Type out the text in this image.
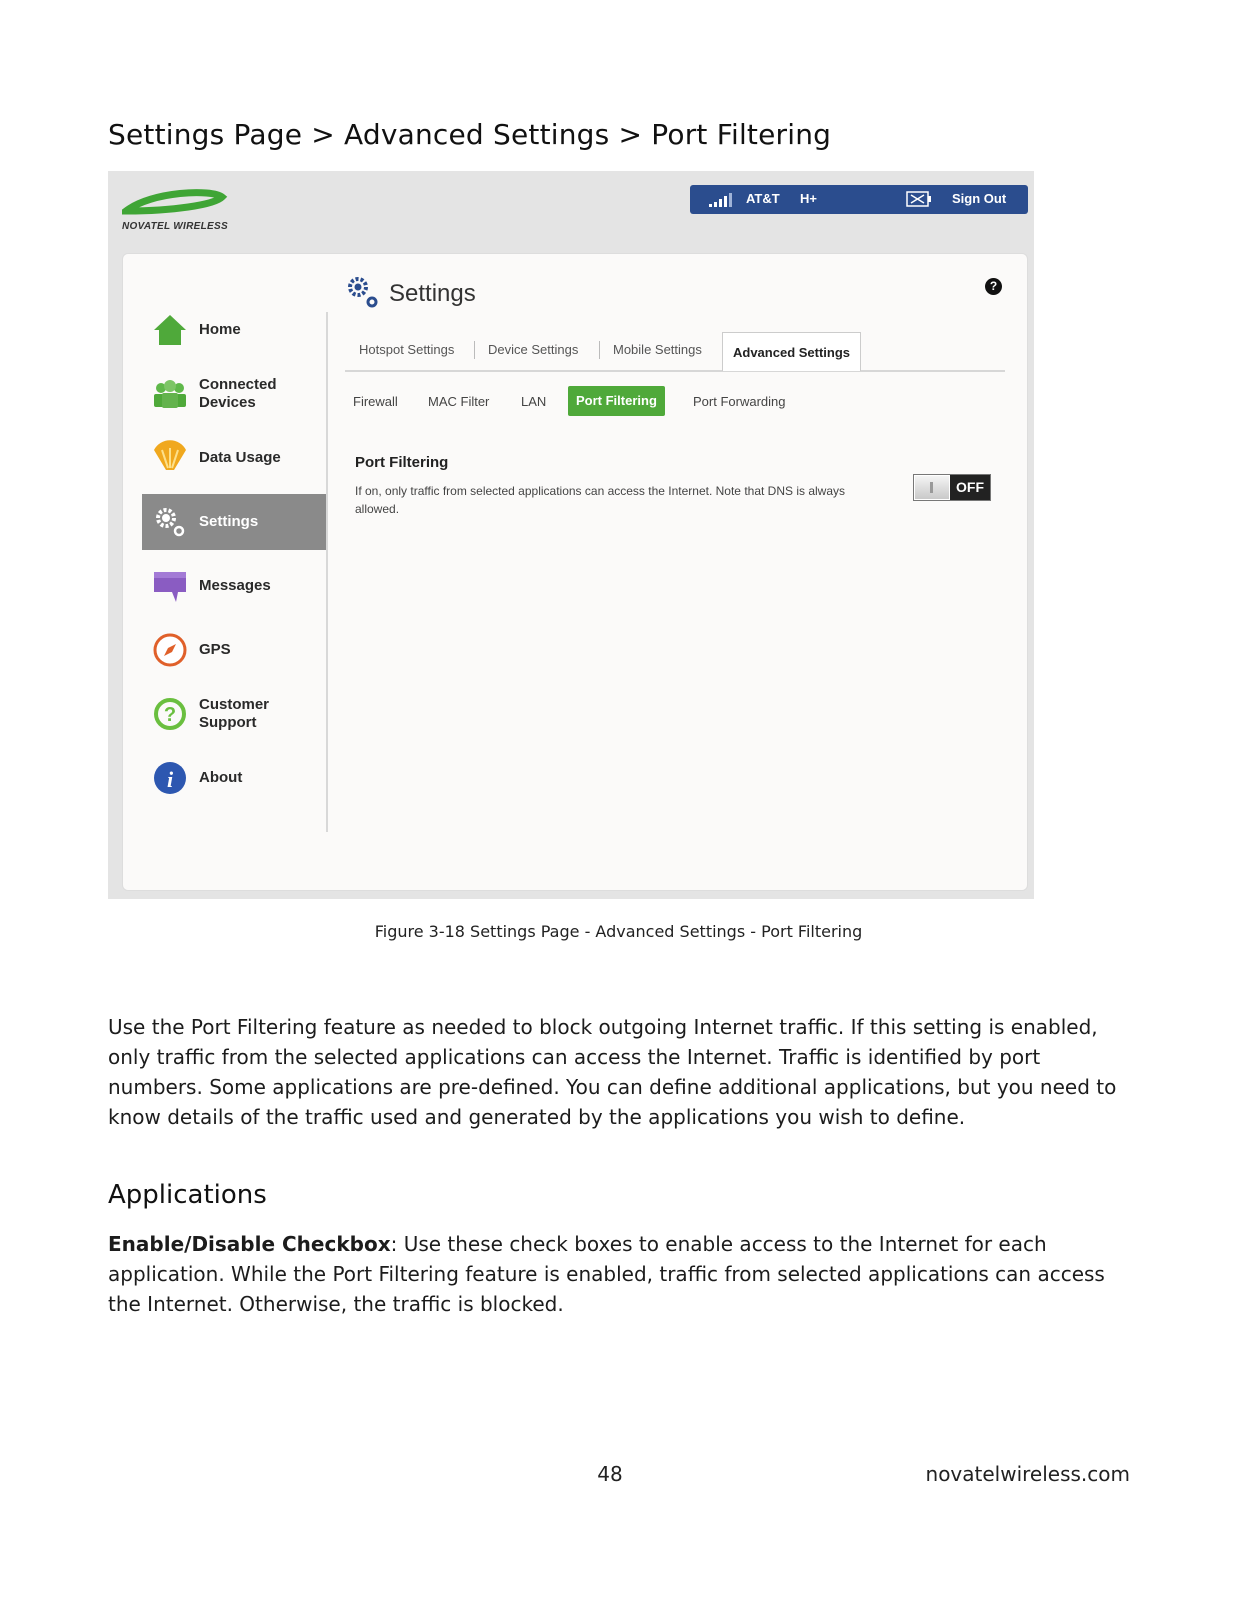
Settings Page > Advanced Settings > Port Filtering
NOVATEL WIRELESS
AT&T H+	Sign Out
Home
Connected Devices
Data Usage
Settings
Messages
GPS
? Customer Support
i About
Settings	?
Hotspot Settings	Device Settings	Mobile Settings	Advanced Settings
Firewall MAC Filter LAN	Port Filtering	Port Forwarding
Port Filtering
If on, only traffic from selected applications can access the Internet. Note that DNS is always allowed.
OFF
Figure 3-18 Settings Page - Advanced Settings - Port Filtering

Use the Port Filtering feature as needed to block outgoing Internet traffic. If this setting is enabled, only traffic from the selected applications can access the Internet. Traffic is identified by port numbers. Some applications are pre-defined. You can define additional applications, but you need to know details of the traffic used and generated by the applications you wish to define.

Applications

Enable/Disable Checkbox: Use these check boxes to enable access to the Internet for each application. While the Port Filtering feature is enabled, traffic from selected applications can access the Internet. Otherwise, the traffic is blocked.

48	novatelwireless.com
